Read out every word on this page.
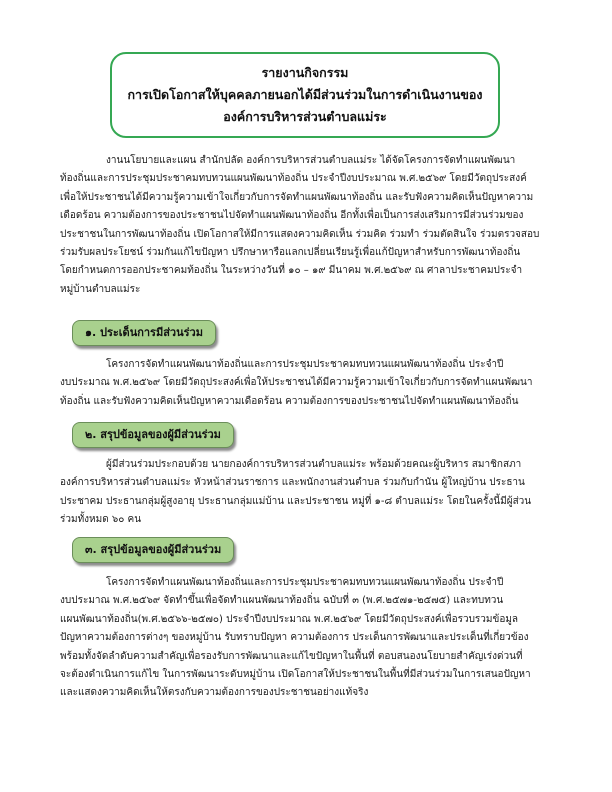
รายงานกิจกรรม
การเปิดโอกาสให้บุคคลภายนอกได้มีส่วนร่วมในการดำเนินงานของ
องค์การบริหารส่วนตำบลแม่ระ
งานนโยบายและแผน สำนักปลัด องค์การบริหารส่วนตำบลแม่ระ ได้จัดโครงการจัดทำแผนพัฒนา
ท้องถิ่นและการประชุมประชาคมทบทวนแผนพัฒนาท้องถิ่น ประจำปีงบประมาณ พ.ศ.๒๕๖๙ โดยมีวัตถุประสงค์
เพื่อให้ประชาชนได้มีความรู้ความเข้าใจเกี่ยวกับการจัดทำแผนพัฒนาท้องถิ่น และรับฟังความคิดเห็นปัญหาความ
เดือดร้อน ความต้องการของประชาชนไปจัดทำแผนพัฒนาท้องถิ่น อีกทั้งเพื่อเป็นการส่งเสริมการมีส่วนร่วมของ
ประชาชนในการพัฒนาท้องถิ่น เปิดโอกาสให้มีการแสดงความคิดเห็น ร่วมคิด ร่วมทำ ร่วมตัดสินใจ ร่วมตรวจสอบ
ร่วมรับผลประโยชน์ ร่วมกันแก้ไขปัญหา ปรึกษาหารือแลกเปลี่ยนเรียนรู้เพื่อแก้ปัญหาสำหรับการพัฒนาท้องถิ่น
โดยกำหนดการออกประชาคมท้องถิ่น ในระหว่างวันที่ ๑๐ – ๑๙ มีนาคม พ.ศ.๒๕๖๙ ณ ศาลาประชาคมประจำ
หมู่บ้านตำบลแม่ระ
๑. ประเด็นการมีส่วนร่วม
โครงการจัดทำแผนพัฒนาท้องถิ่นและการประชุมประชาคมทบทวนแผนพัฒนาท้องถิ่น ประจำปี
งบประมาณ พ.ศ.๒๕๖๙ โดยมีวัตถุประสงค์เพื่อให้ประชาชนได้มีความรู้ความเข้าใจเกี่ยวกับการจัดทำแผนพัฒนา
ท้องถิ่น และรับฟังความคิดเห็นปัญหาความเดือดร้อน ความต้องการของประชาชนไปจัดทำแผนพัฒนาท้องถิ่น
๒. สรุปข้อมูลของผู้มีส่วนร่วม
ผู้มีส่วนร่วมประกอบด้วย นายกองค์การบริหารส่วนตำบลแม่ระ พร้อมด้วยคณะผู้บริหาร สมาชิกสภา
องค์การบริหารส่วนตำบลแม่ระ หัวหน้าส่วนราชการ และพนักงานส่วนตำบล ร่วมกับกำนัน ผู้ใหญ่บ้าน ประธาน
ประชาคม ประธานกลุ่มผู้สูงอายุ ประธานกลุ่มแม่บ้าน และประชาชน หมู่ที่ ๑-๘ ตำบลแม่ระ โดยในครั้งนี้มีผู้ส่วน
ร่วมทั้งหมด ๖๐ คน
๓. สรุปข้อมูลของผู้มีส่วนร่วม
โครงการจัดทำแผนพัฒนาท้องถิ่นและการประชุมประชาคมทบทวนแผนพัฒนาท้องถิ่น ประจำปี
งบประมาณ พ.ศ.๒๕๖๙ จัดทำขึ้นเพื่อจัดทำแผนพัฒนาท้องถิ่น ฉบับที่ ๓ (พ.ศ.๒๕๗๑-๒๕๗๕) และทบทวน
แผนพัฒนาท้องถิ่น(พ.ศ.๒๕๖๖-๒๕๗๐) ประจำปีงบประมาณ พ.ศ.๒๕๖๙ โดยมีวัตถุประสงค์เพื่อรวบรวมข้อมูล
ปัญหาความต้องการต่างๆ ของหมู่บ้าน รับทราบปัญหา ความต้องการ ประเด็นการพัฒนาและประเด็นที่เกี่ยวข้อง
พร้อมทั้งจัดลำดับความสำคัญเพื่อรองรับการพัฒนาและแก้ไขปัญหาในพื้นที่ ตอบสนองนโยบายสำคัญเร่งด่วนที่
จะต้องดำเนินการแก้ไข ในการพัฒนาระดับหมู่บ้าน เปิดโอกาสให้ประชาชนในพื้นที่มีส่วนร่วมในการเสนอปัญหา
และแสดงความคิดเห็นให้ตรงกับความต้องการของประชาชนอย่างแท้จริง
